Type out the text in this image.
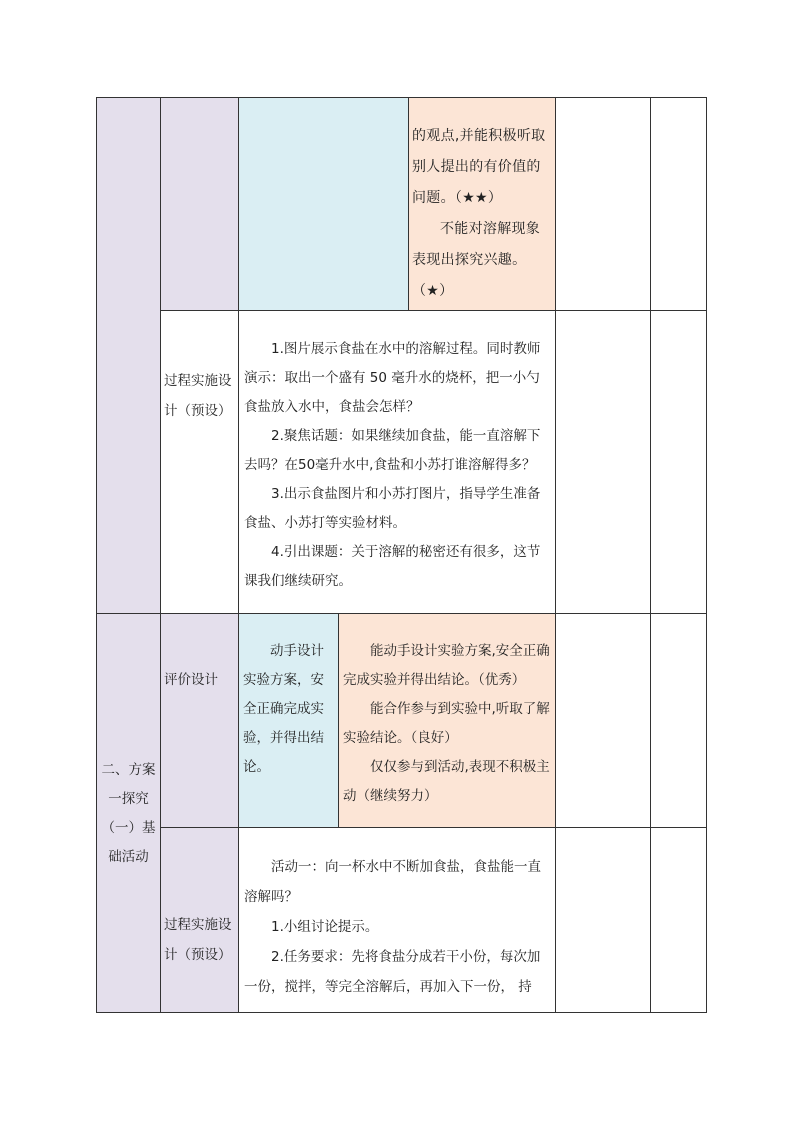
的观点,并能积极听取别人提出的有价值的问题。（★★）

不能对溶解现象表现出探究兴趣。（★）

过程实施设计（预设）

1.图片展示食盐在水中的溶解过程。同时教师演示：取出一个盛有 50 毫升水的烧杯，把一小勺食盐放入水中，食盐会怎样？

2.聚焦话题：如果继续加食盐，能一直溶解下去吗？在50毫升水中,食盐和小苏打谁溶解得多？

3.出示食盐图片和小苏打图片，指导学生准备食盐、小苏打等实验材料。

4.引出课题：关于溶解的秘密还有很多，这节课我们继续研究。

二、方案一探究（一）基础活动
评价设计

动手设计实验方案，安全正确完成实验，并得出结论。

能动手设计实验方案,安全正确完成实验并得出结论。（优秀）

能合作参与到实验中,听取了解实验结论。（良好）

仅仅参与到活动,表现不积极主动（继续努力）

过程实施设计（预设）

活动一：向一杯水中不断加食盐，食盐能一直溶解吗？

1.小组讨论提示。

2.任务要求：先将食盐分成若干小份，每次加一份，搅拌，等完全溶解后，再加入下一份， 持
